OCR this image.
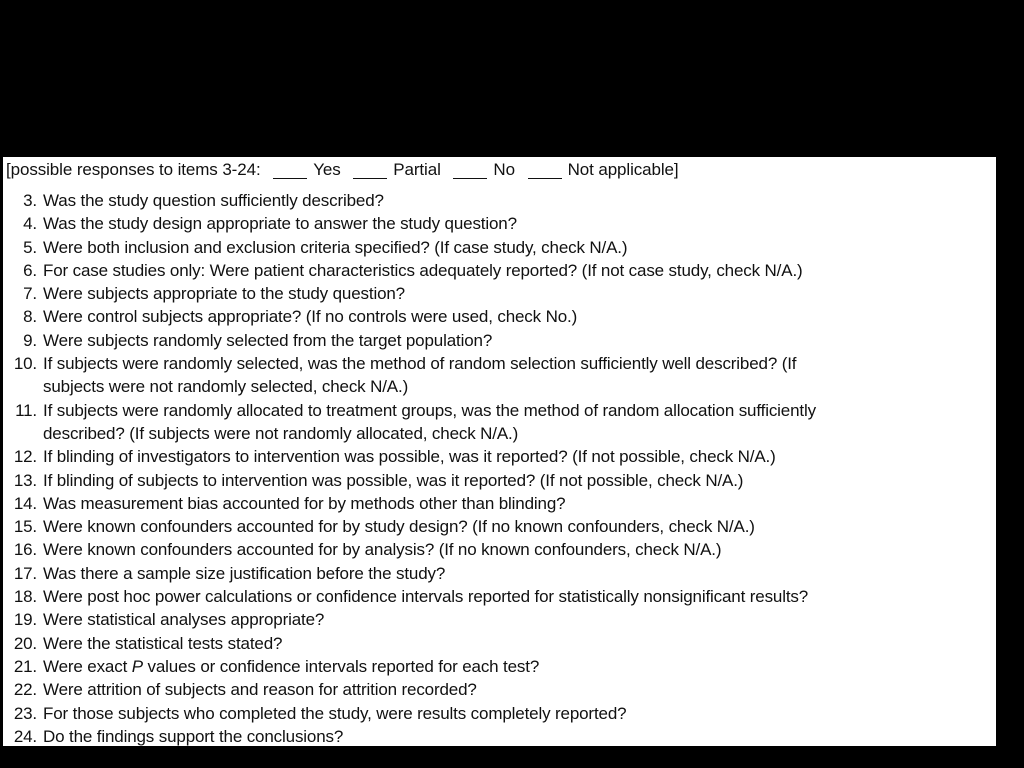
[possible responses to items 3-24:	Yes	Partial	No	Not applicable]
3. Was the study question sufficiently described?
4. Was the study design appropriate to answer the study question?
5. Were both inclusion and exclusion criteria specified? (If case study, check N/A.)
6. For case studies only: Were patient characteristics adequately reported? (If not case study, check N/A.)
7. Were subjects appropriate to the study question?
8. Were control subjects appropriate? (If no controls were used, check No.)
9. Were subjects randomly selected from the target population?
10. If subjects were randomly selected, was the method of random selection sufficiently well described? (If
subjects were not randomly selected, check N/A.)
11. If subjects were randomly allocated to treatment groups, was the method of random allocation sufficiently
described? (If subjects were not randomly allocated, check N/A.)
12. If blinding of investigators to intervention was possible, was it reported? (If not possible, check N/A.)
13. If blinding of subjects to intervention was possible, was it reported? (If not possible, check N/A.)
14. Was measurement bias accounted for by methods other than blinding?
15. Were known confounders accounted for by study design? (If no known confounders, check N/A.)
16. Were known confounders accounted for by analysis? (If no known confounders, check N/A.)
17. Was there a sample size justification before the study?
18. Were post hoc power calculations or confidence intervals reported for statistically nonsignificant results?
19. Were statistical analyses appropriate?
20. Were the statistical tests stated?
21. Were exact P values or confidence intervals reported for each test?
22. Were attrition of subjects and reason for attrition recorded?
23. For those subjects who completed the study, were results completely reported?
24. Do the findings support the conclusions?
